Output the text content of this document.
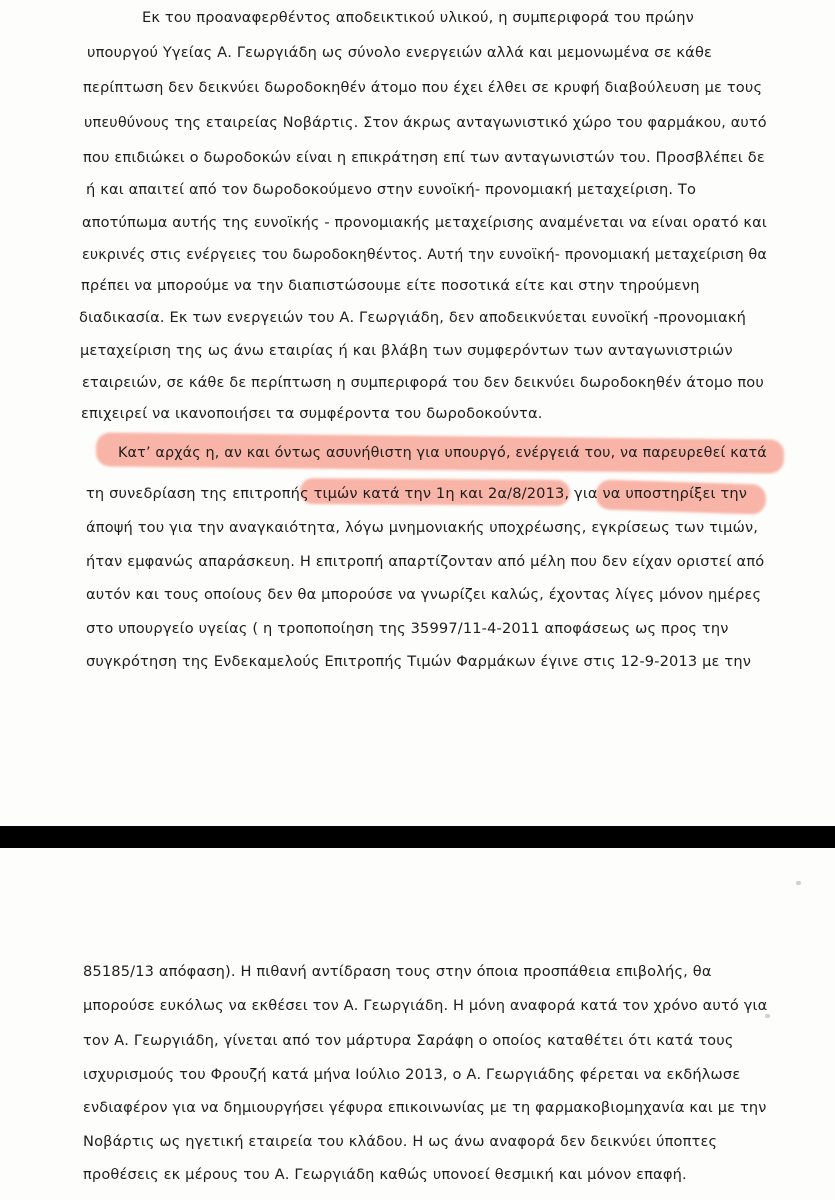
Εκ του προαναφερθέντος αποδεικτικού υλικού, η συμπεριφορά του πρώην
υπουργού Υγείας Α. Γεωργιάδη ως σύνολο ενεργειών αλλά και μεμονωμένα σε κάθε
περίπτωση δεν δεικνύει δωροδοκηθέν άτομο που έχει έλθει σε κρυφή διαβούλευση με τους
υπευθύνους της εταιρείας Νοβάρτις. Στον άκρως ανταγωνιστικό χώρο του φαρμάκου, αυτό
που επιδιώκει ο δωροδοκών είναι η επικράτηση επί των ανταγωνιστών του. Προσβλέπει δε
ή και απαιτεί από τον δωροδοκούμενο στην ευνοϊκή- προνομιακή μεταχείριση. Το
αποτύπωμα αυτής της ευνοϊκής - προνομιακής μεταχείρισης αναμένεται να είναι ορατό και
ευκρινές στις ενέργειες του δωροδοκηθέντος. Αυτή την ευνοϊκή- προνομιακή μεταχείριση θα
πρέπει να μπορούμε να την διαπιστώσουμε είτε ποσοτικά είτε και στην τηρούμενη
διαδικασία. Εκ των ενεργειών του Α. Γεωργιάδη, δεν αποδεικνύεται ευνοϊκή -προνομιακή
μεταχείριση της ως άνω εταιρίας ή και βλάβη των συμφερόντων των ανταγωνιστριών
εταιρειών, σε κάθε δε περίπτωση η συμπεριφορά του δεν δεικνύει δωροδοκηθέν άτομο που
επιχειρεί να ικανοποιήσει τα συμφέροντα του δωροδοκούντα.
Κατ’ αρχάς η, αν και όντως ασυνήθιστη για υπουργό, ενέργειά του, να παρευρεθεί κατά
τη συνεδρίαση της επιτροπής τιμών κατά την 1η και 2α/8/2013, για να υποστηρίξει την
άποψή του για την αναγκαιότητα, λόγω μνημονιακής υποχρέωσης, εγκρίσεως των τιμών,
ήταν εμφανώς απαράσκευη. Η επιτροπή απαρτίζονταν από μέλη που δεν είχαν οριστεί από
αυτόν και τους οποίους δεν θα μπορούσε να γνωρίζει καλώς, έχοντας λίγες μόνον ημέρες
στο υπουργείο υγείας ( η τροποποίηση της 35997/11-4-2011 αποφάσεως ως προς την
συγκρότηση της Ενδεκαμελούς Επιτροπής Τιμών Φαρμάκων έγινε στις 12-9-2013 με την
85185/13 απόφαση). Η πιθανή αντίδραση τους στην όποια προσπάθεια επιβολής, θα
μπορούσε ευκόλως να εκθέσει τον Α. Γεωργιάδη. Η μόνη αναφορά κατά τον χρόνο αυτό για
τον Α. Γεωργιάδη, γίνεται από τον μάρτυρα Σαράφη ο οποίος καταθέτει ότι κατά τους
ισχυρισμούς του Φρουζή κατά μήνα Ιούλιο 2013, ο Α. Γεωργιάδης φέρεται να εκδήλωσε
ενδιαφέρον για να δημιουργήσει γέφυρα επικοινωνίας με τη φαρμακοβιομηχανία και με την
Νοβάρτις ως ηγετική εταιρεία του κλάδου. Η ως άνω αναφορά δεν δεικνύει ύποπτες
προθέσεις εκ μέρους του Α. Γεωργιάδη καθώς υπονοεί θεσμική και μόνον επαφή.
